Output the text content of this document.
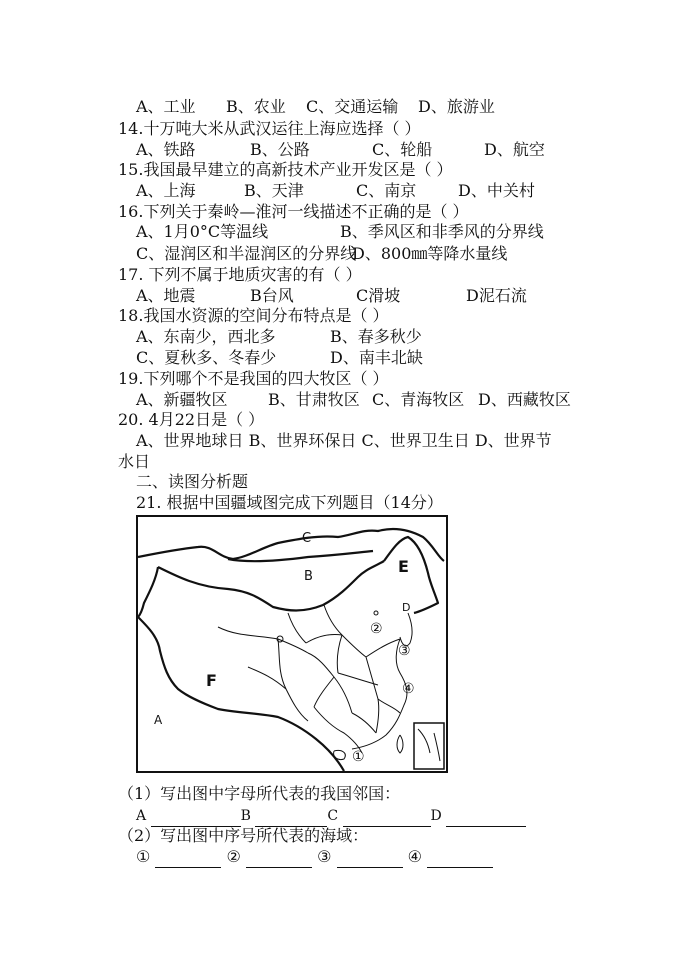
A、工业 B、农业 C、交通运输 D、旅游业
14.十万吨大米从武汉运往上海应选择（ ）
A、铁路	B、公路	C、轮船	D、航空
15.我国最早建立的高新技术产业开发区是（ ）
A、上海	B、天津	C、南京	D、中关村
16.下列关于秦岭—淮河一线描述不正确的是（ ）
A、1月0°C等温线	B、季风区和非季风的分界线
C、湿润区和半湿润区的分界线
D、800㎜等降水量线
17. 下列不属于地质灾害的有（ ）
A、地震	B台风	C滑坡	D泥石流
18.我国水资源的空间分布特点是（ ）
A、东南少，西北多	B、春多秋少
C、夏秋多、冬春少	D、南丰北缺
19.下列哪个不是我国的四大牧区（ ）
A、新疆牧区	B、甘肃牧区 C、青海牧区 D、西藏牧区
20. 4月22日是（ ）
A、世界地球日 B、世界环保日 C、世界卫生日 D、世界节
水日
二、读图分析题
21. 根据中国疆域图完成下列题目（14分）
C
B
E
D
②
③
④
①
F
A
（1）写出图中字母所代表的我国邻国：
A	B	C	D
（2）写出图中序号所代表的海域：
①	②	③	④
